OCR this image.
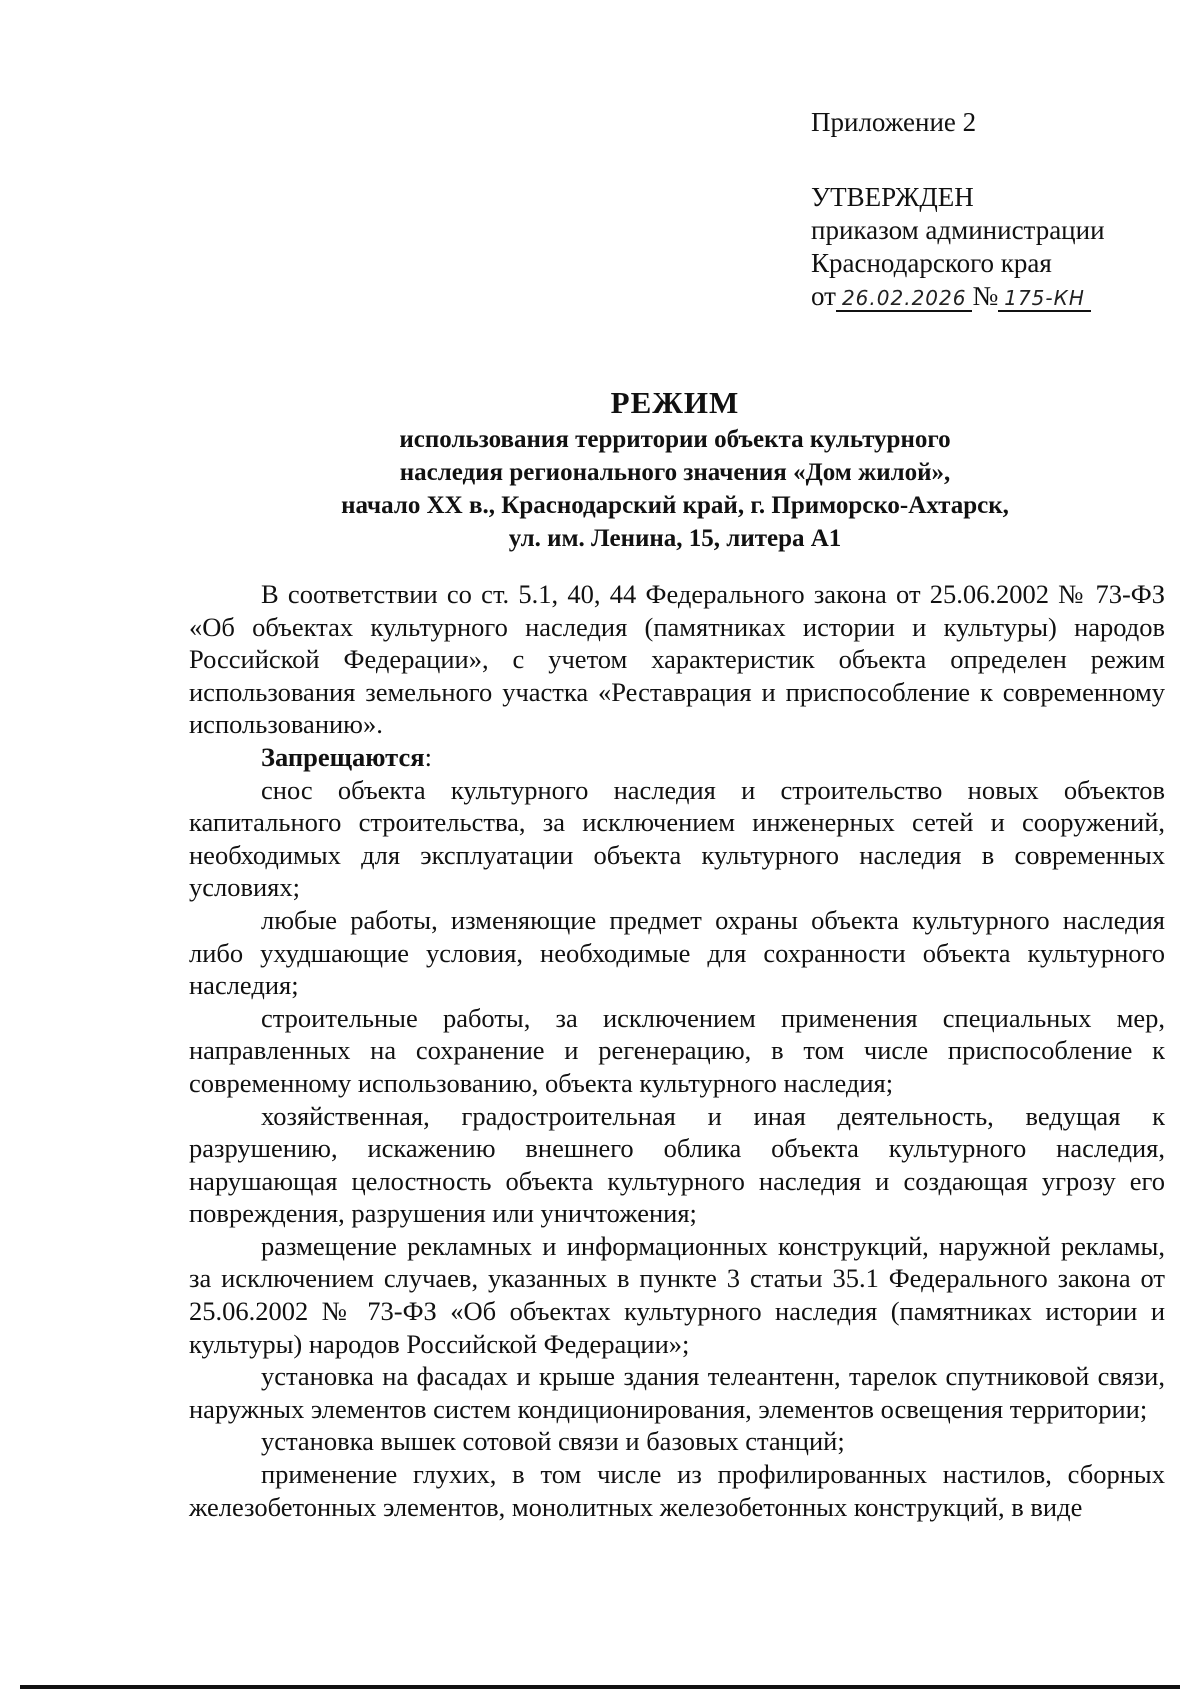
Приложение 2
УТВЕРЖДЕН
приказом администрации
Краснодарского края
от 26.02.2026 № 175-КН
РЕЖИМ
использования территории объекта культурного
наследия регионального значения «Дом жилой»,
начало XX в., Краснодарский край, г. Приморско-Ахтарск,
ул. им. Ленина, 15, литера А1

В соответствии со ст. 5.1, 40, 44 Федерального закона от 25.06.2002 № 73-ФЗ «Об объектах культурного наследия (памятниках истории и культуры) народов Российской Федерации», с учетом характеристик объекта определен режим использования земельного участка «Реставрация и приспособление к современному использованию».

Запрещаются:

снос объекта культурного наследия и строительство новых объектов капитального строительства, за исключением инженерных сетей и сооружений, необходимых для эксплуатации объекта культурного наследия в современных условиях;

любые работы, изменяющие предмет охраны объекта культурного наследия либо ухудшающие условия, необходимые для сохранности объекта культурного наследия;

строительные работы, за исключением применения специальных мер, направленных на сохранение и регенерацию, в том числе приспособление к современному использованию, объекта культурного наследия;

хозяйственная, градостроительная и иная деятельность, ведущая к разрушению, искажению внешнего облика объекта культурного наследия, нарушающая целостность объекта культурного наследия и создающая угрозу его повреждения, разрушения или уничтожения;

размещение рекламных и информационных конструкций, наружной рекламы, за исключением случаев, указанных в пункте 3 статьи 35.1 Федерального закона от 25.06.2002 № 73-ФЗ «Об объектах культурного наследия (памятниках истории и культуры) народов Российской Федерации»;

установка на фасадах и крыше здания телеантенн, тарелок спутниковой связи, наружных элементов систем кондиционирования, элементов освещения территории;

установка вышек сотовой связи и базовых станций;

применение глухих, в том числе из профилированных настилов, сборных железобетонных элементов, монолитных железобетонных конструкций, в виде
